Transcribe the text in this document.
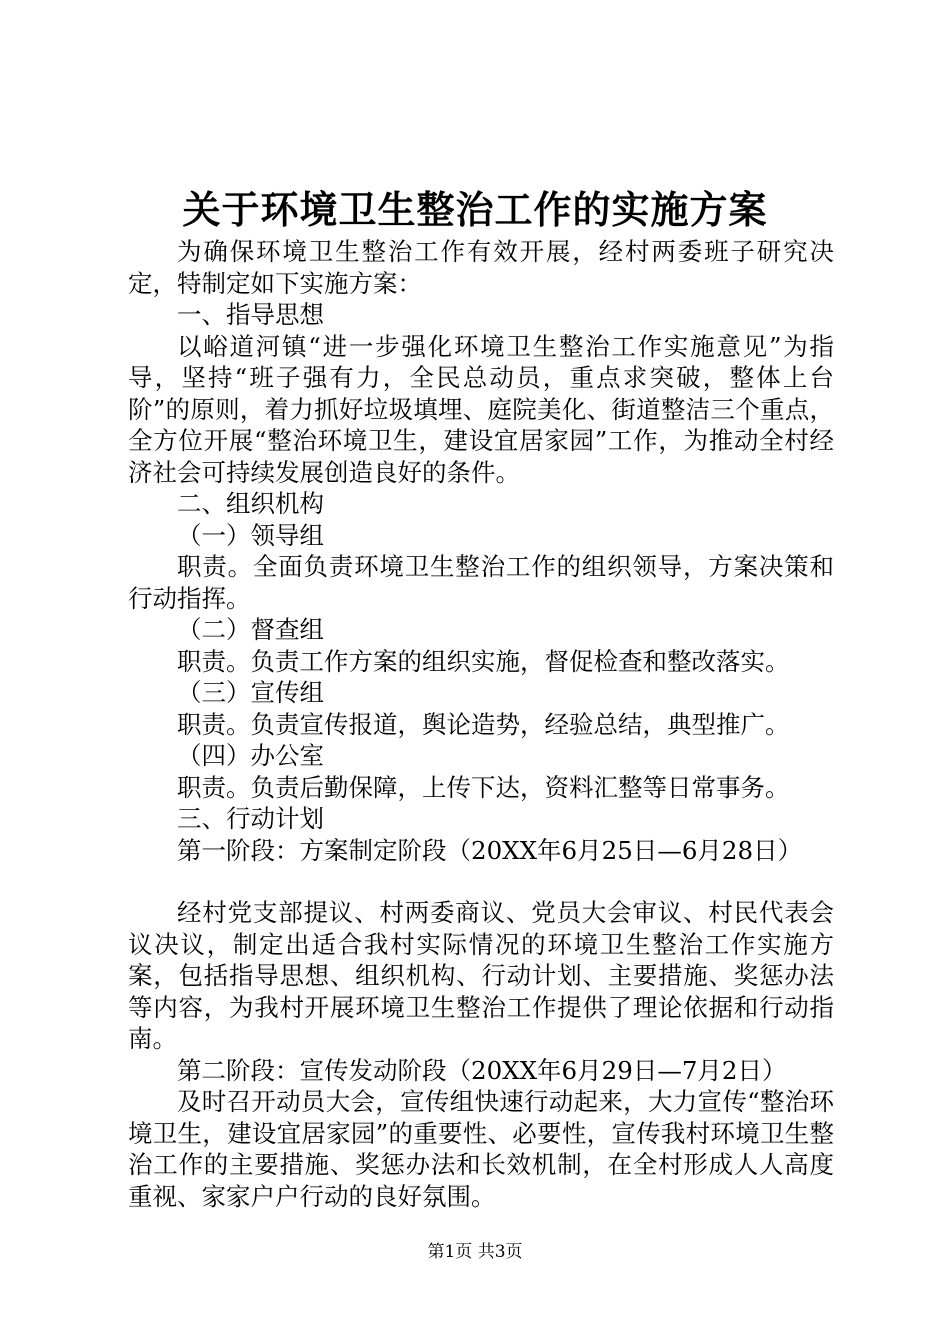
关于环境卫生整治工作的实施方案

为确保环境卫生整治工作有效开展，经村两委班子研究决定，特制定如下实施方案：

一、指导思想

以峪道河镇“进一步强化环境卫生整治工作实施意见”为指导，坚持“班子强有力，全民总动员，重点求突破，整体上台阶”的原则，着力抓好垃圾填埋、庭院美化、街道整洁三个重点，全方位开展“整治环境卫生，建设宜居家园”工作，为推动全村经济社会可持续发展创造良好的条件。

二、组织机构

（一）领导组

职责。全面负责环境卫生整治工作的组织领导，方案决策和行动指挥。

（二）督查组

职责。负责工作方案的组织实施，督促检查和整改落实。

（三）宣传组

职责。负责宣传报道，舆论造势，经验总结，典型推广。

（四）办公室

职责。负责后勤保障，上传下达，资料汇整等日常事务。

三、行动计划

第一阶段：方案制定阶段（20XX年6月25日—6月28日）

经村党支部提议、村两委商议、党员大会审议、村民代表会议决议，制定出适合我村实际情况的环境卫生整治工作实施方案，包括指导思想、组织机构、行动计划、主要措施、奖惩办法等内容，为我村开展环境卫生整治工作提供了理论依据和行动指南。

第二阶段：宣传发动阶段（20XX年6月29日—7月2日）

及时召开动员大会，宣传组快速行动起来，大力宣传“整治环境卫生，建设宜居家园”的重要性、必要性，宣传我村环境卫生整治工作的主要措施、奖惩办法和长效机制，在全村形成人人高度重视、家家户户行动的良好氛围。

第1页 共3页
